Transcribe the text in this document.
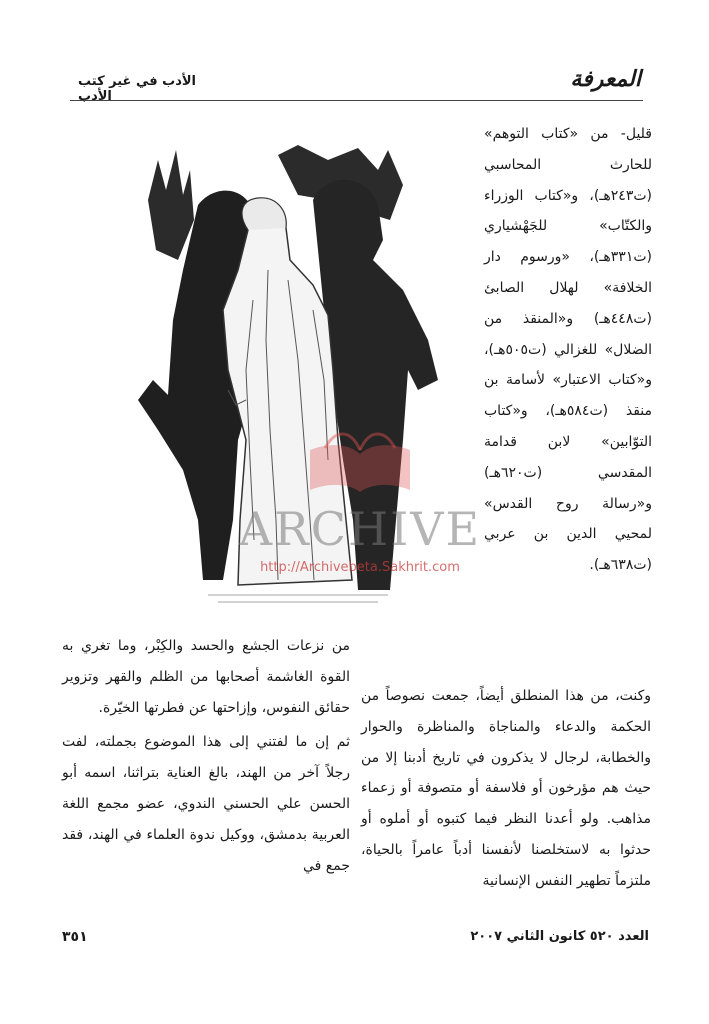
الأدب في غير كتب الأدب
المعرفة

قليل- من «كتاب التوهم» للحارث المحاسبي (ت٢٤٣هـ)، و«كتاب الوزراء والكتّاب» للجَهْشياري (ت٣٣١هـ)، «ورسوم دار الخلافة» لهلال الصابئ (ت٤٤٨هـ) و«المنقذ من الضلال» للغزالي (ت٥٠٥هـ)، و«كتاب الاعتبار» لأسامة بن منقذ (ت٥٨٤هـ)، و«كتاب التوّابين» لابن قدامة المقدسي (ت٦٢٠هـ) و«رسالة روح القدس» لمحيي الدين بن عربي (ت٦٣٨هـ).

وكنت، من هذا المنطلق أيضاً، جمعت نصوصاً من الحكمة والدعاء والمناجاة والمناظرة والحوار والخطابة، لرجال لا يذكرون في تاريخ أدبنا إلا من حيث هم مؤرخون أو فلاسفة أو متصوفة أو زعماء مذاهب. ولو أعدنا النظر فيما كتبوه أو أملوه أو حدثوا به لاستخلصنا لأنفسنا أدباً عامراً بالحياة، ملتزماً تطهير النفس الإنسانية

من نزعات الجشع والحسد والكِبْر، وما تغري به القوة الغاشمة أصحابها من الظلم والقهر وتزوير حقائق النفوس، وإزاحتها عن فطرتها الخيّرة.

ثم إن ما لفتني إلى هذا الموضوع بجملته، لفت رجلاً آخر من الهند، بالغ العناية بتراثنا، اسمه أبو الحسن علي الحسني الندوي، عضو مجمع اللغة العربية بدمشق، ووكيل ندوة العلماء في الهند، فقد جمع في

ARCHIVE
http://Archivebeta.Sakhrit.com
٣٥١	العدد ٥٢٠ كانون الثاني ٢٠٠٧
